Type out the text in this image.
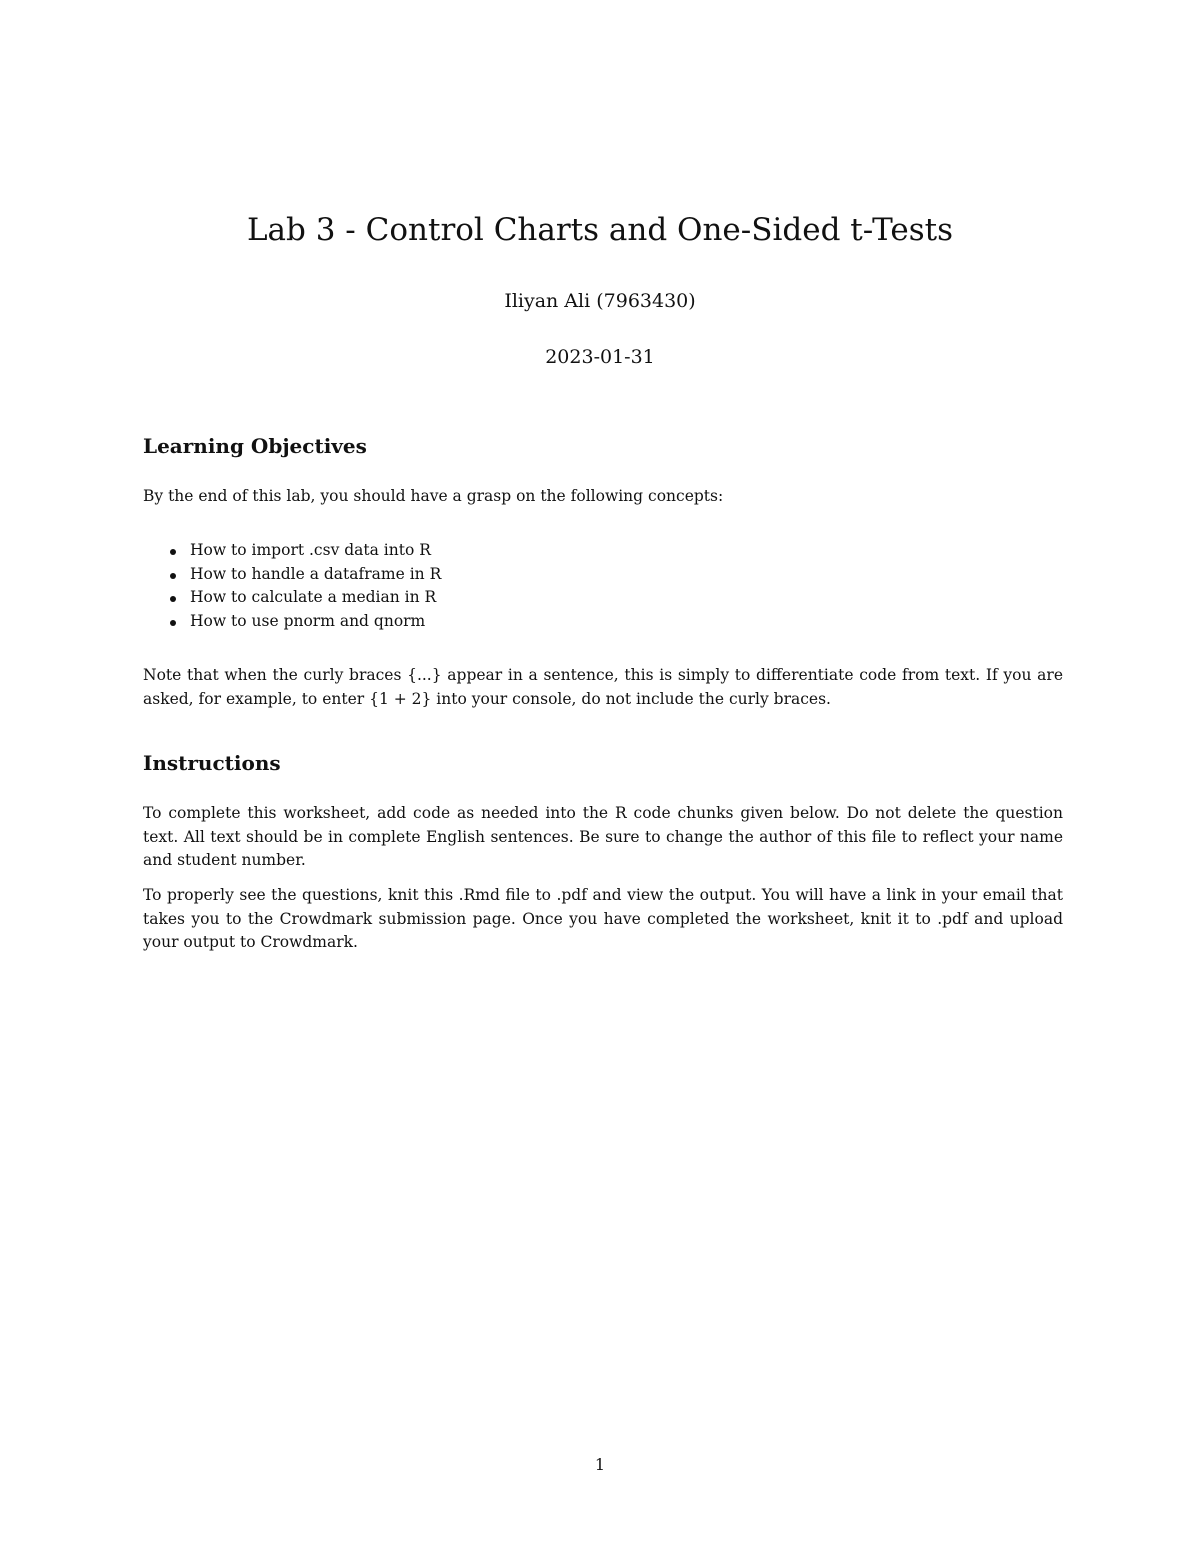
Lab 3 - Control Charts and One-Sided t-Tests

Iliyan Ali (7963430)

2023-01-31

Learning Objectives

By the end of this lab, you should have a grasp on the following concepts:

How to import .csv data into R
How to handle a dataframe in R
How to calculate a median in R
How to use pnorm and qnorm

Note that when the curly braces {...} appear in a sentence, this is simply to differentiate code from text. If you are asked, for example, to enter {1 + 2} into your console, do not include the curly braces.

Instructions

To complete this worksheet, add code as needed into the R code chunks given below. Do not delete the question text. All text should be in complete English sentences. Be sure to change the author of this file to reflect your name and student number.

To properly see the questions, knit this .Rmd file to .pdf and view the output. You will have a link in your email that takes you to the Crowdmark submission page. Once you have completed the worksheet, knit it to .pdf and upload your output to Crowdmark.

1
